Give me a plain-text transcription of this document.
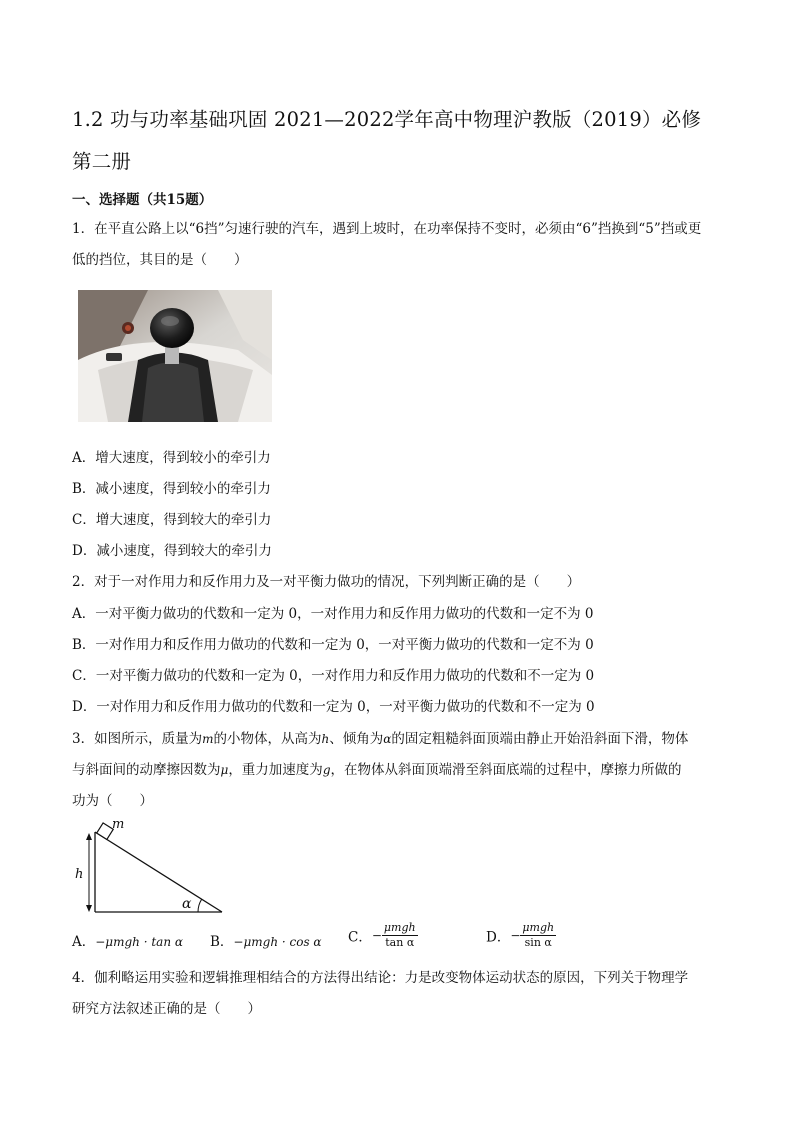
1.2 功与功率基础巩固 2021—2022学年高中物理沪教版（2019）必修
第二册
一、选择题（共15题）
1．在平直公路上以“6挡”匀速行驶的汽车，遇到上坡时，在功率保持不变时，必须由“6”挡换到“5”挡或更
低的挡位，其目的是（　　）
A．增大速度，得到较小的牵引力
B．减小速度，得到较小的牵引力
C．增大速度，得到较大的牵引力
D．减小速度，得到较大的牵引力
2．对于一对作用力和反作用力及一对平衡力做功的情况，下列判断正确的是（　　）
A．一对平衡力做功的代数和一定为 0，一对作用力和反作用力做功的代数和一定不为 0
B．一对作用力和反作用力做功的代数和一定为 0，一对平衡力做功的代数和一定不为 0
C．一对平衡力做功的代数和一定为 0，一对作用力和反作用力做功的代数和不一定为 0
D．一对作用力和反作用力做功的代数和一定为 0，一对平衡力做功的代数和不一定为 0
3．如图所示，质量为m的小物体，从高为h、倾角为α的固定粗糙斜面顶端由静止开始沿斜面下滑，物体
与斜面间的动摩擦因数为μ，重力加速度为g，在物体从斜面顶端滑至斜面底端的过程中，摩擦力所做的
功为（　　）
m
h
α
A．−μmgh · tan α B．−μmgh · cos α C．− $\frac{\text{μmgh}}{\text{tan α}}$	D．− $\frac{\text{μmgh}}{\text{sin α}}$
4．伽利略运用实验和逻辑推理相结合的方法得出结论：力是改变物体运动状态的原因，下列关于物理学
研究方法叙述正确的是（　　）
